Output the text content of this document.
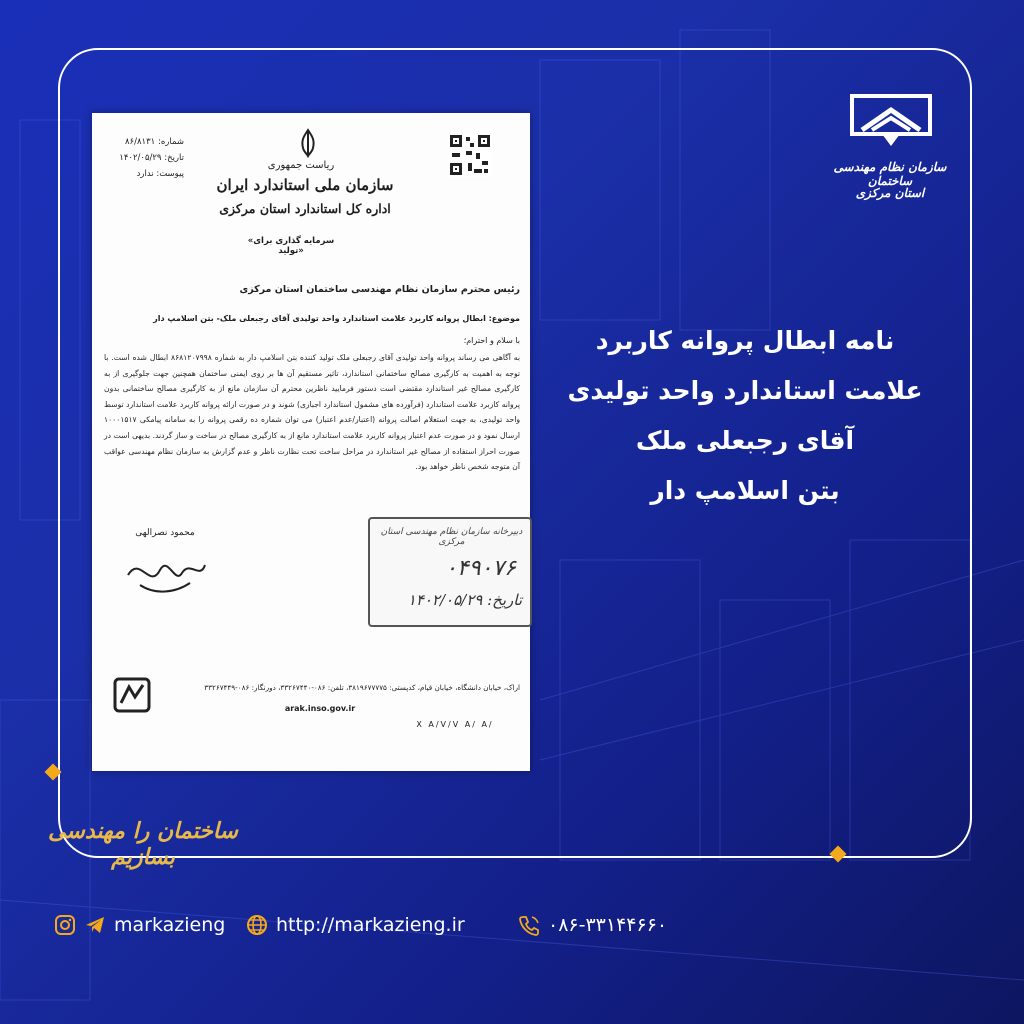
شماره: ۸۶/۸۱۳۱
تاریخ: ۱۴۰۲/۰۵/۲۹
پیوست: ندارد
ریاست جمهوری
سازمان ملی استاندارد ایران
اداره کل استاندارد استان مرکزی
«سرمایه گذاری برای تولید»
رئیس محترم سازمان نظام مهندسی ساختمان استان مرکزی
موضوع: ابطال پروانه کاربرد علامت استاندارد واحد تولیدی آقای رجبعلی ملک- بتن اسلامپ دار
با سلام و احترام؛
به آگاهی می رساند پروانه واحد تولیدی آقای رجبعلی ملک تولید کننده بتن اسلامپ دار به شماره ۸۶۸۱۲۰۷۹۹۸ ابطال شده است. با توجه به اهمیت به کارگیری مصالح ساختمانی استاندارد، تاثیر مستقیم آن ها بر روی ایمنی ساختمان همچنین جهت جلوگیری از به کارگیری مصالح غیر استاندارد مقتضی است دستور فرمایید ناظرین محترم آن سازمان مانع از به کارگیری مصالح ساختمانی بدون پروانه کاربرد علامت استاندارد (فرآورده های مشمول استاندارد اجباری) شوند و در صورت ارائه پروانه کاربرد علامت استاندارد توسط واحد تولیدی، به جهت استعلام اصالت پروانه (اعتبار/عدم اعتبار) می توان شماره ده رقمی پروانه را به سامانه پیامکی ۱۰۰۰۱۵۱۷ ارسال نمود و در صورت عدم اعتبار پروانه کاربرد علامت استاندارد مانع از به کارگیری مصالح در ساخت و ساز گردند. بدیهی است در صورت احراز استفاده از مصالح غیر استاندارد در مراحل ساخت تحت نظارت ناظر و عدم گزارش به سازمان نظام مهندسی عواقب آن متوجه شخص ناظر خواهد بود.
محمود نصرالهی	دبیرخانه سازمان نظام مهندسی استان مرکزی
۰۴۹۰۷۶
تاریخ: ۱۴۰۲/۰۵/۲۹
اراک، خیابان دانشگاه، خیابان قیام، کدپستی: ۳۸۱۹۶۷۷۷۷۵، تلفن: ۰۸۶-۳۳۲۶۷۴۴۰، دورنگار: ۰۸۶-۳۳۲۶۷۴۴۹
arak.inso.gov.ir
X A/V/V A/ A/
سازمان نظام مهندسی ساختمان
استان مرکزی
نامه ابطال پروانه کاربرد
علامت استاندارد واحد تولیدی
آقای رجبعلی ملک
بتن اسلامپ دار
ساختمان را مهندسی بسازیم
markazieng	http://markazieng.ir	۰۸۶-۳۳۱۴۴۶۶۰
